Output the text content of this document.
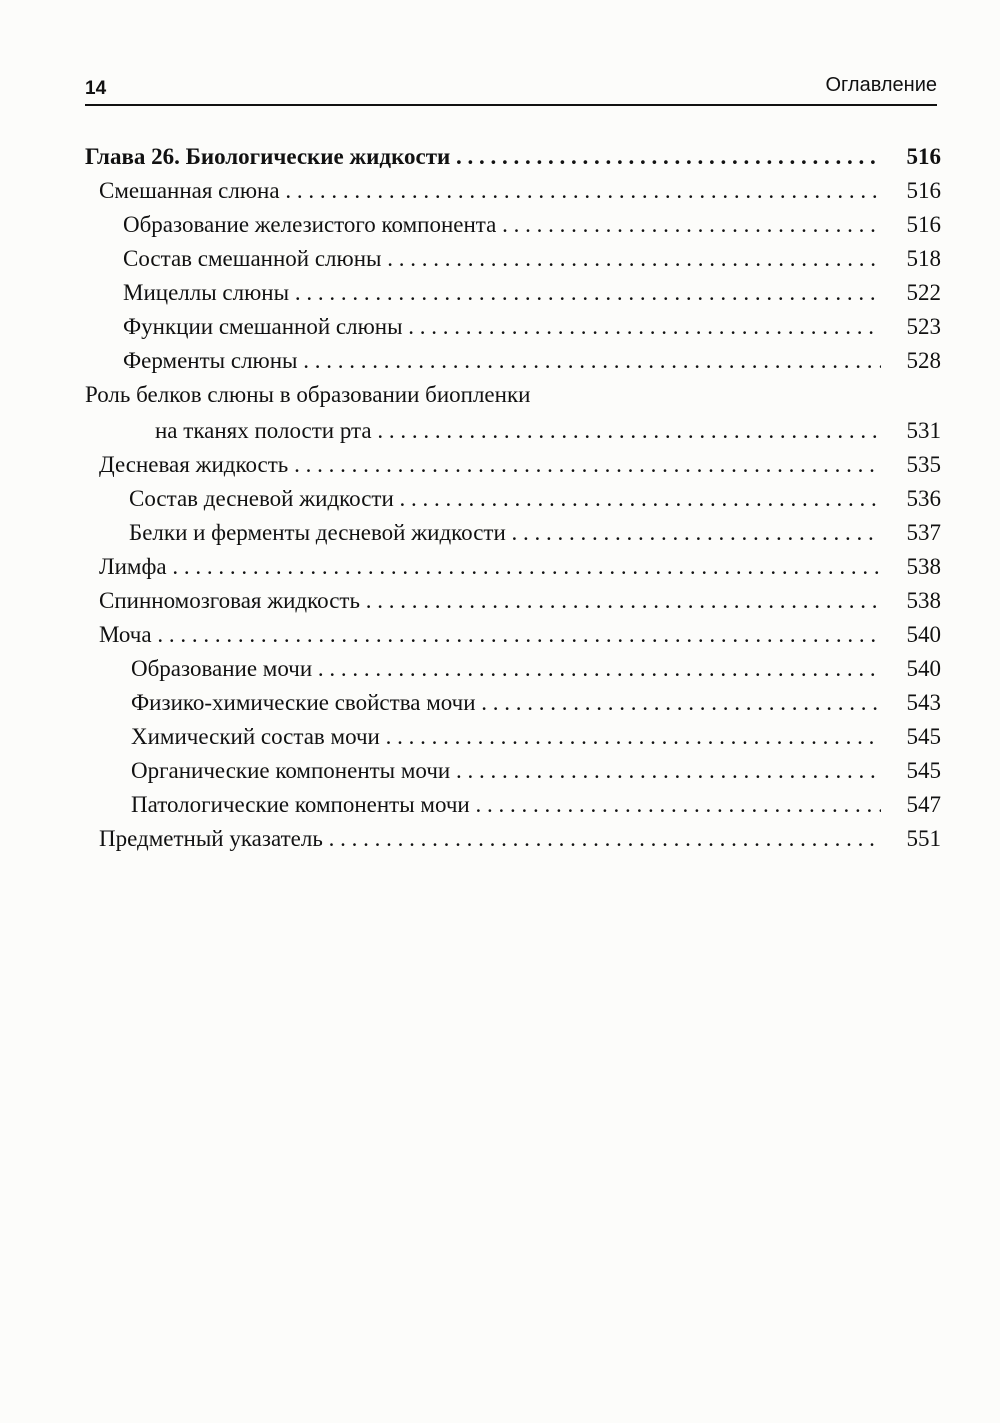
14	Оглавление
Глава 26. Биологические жидкости . . .	516
Смешанная слюна . . .	516
Образование железистого компонента . . .	516
Состав смешанной слюны . . .	518
Мицеллы слюны . . .	522
Функции смешанной слюны . . .	523
Ферменты слюны . . .	528
Роль белков слюны в образовании биопленки
на тканях полости рта . . .	531
Десневая жидкость . . .	535
Состав десневой жидкости . . .	536
Белки и ферменты десневой жидкости . . .	537
Лимфа . . .	538
Спинномозговая жидкость . . .	538
Моча . . .	540
Образование мочи . . .	540
Физико-химические свойства мочи . . .	543
Химический состав мочи . . .	545
Органические компоненты мочи . . .	545
Патологические компоненты мочи . . .	547
Предметный указатель . . .	551
